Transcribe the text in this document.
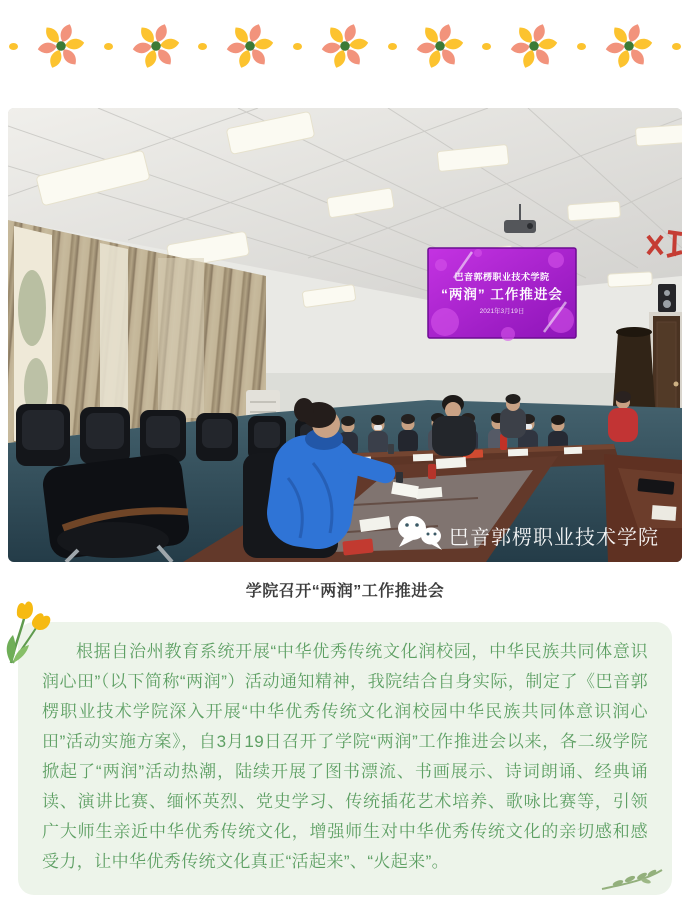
巴音郭楞职业技术学院
“两润” 工作推进会
2021年3月19日
巴音郭楞职业技术学院
学院召开“两润”工作推进会

根据自治州教育系统开展“中华优秀传统文化润校园，中华民族共同体意识润心田”（以下简称“两润”）活动通知精神，我院结合自身实际，制定了《巴音郭楞职业技术学院深入开展“中华优秀传统文化润校园中华民族共同体意识润心田”活动实施方案》，自3月19日召开了学院“两润”工作推进会以来，各二级学院掀起了“两润”活动热潮，陆续开展了图书漂流、书画展示、诗词朗诵、经典诵读、演讲比赛、缅怀英烈、党史学习、传统插花艺术培养、歌咏比赛等，引领广大师生亲近中华优秀传统文化，增强师生对中华优秀传统文化的亲切感和感受力，让中华优秀传统文化真正“活起来”、“火起来”。
